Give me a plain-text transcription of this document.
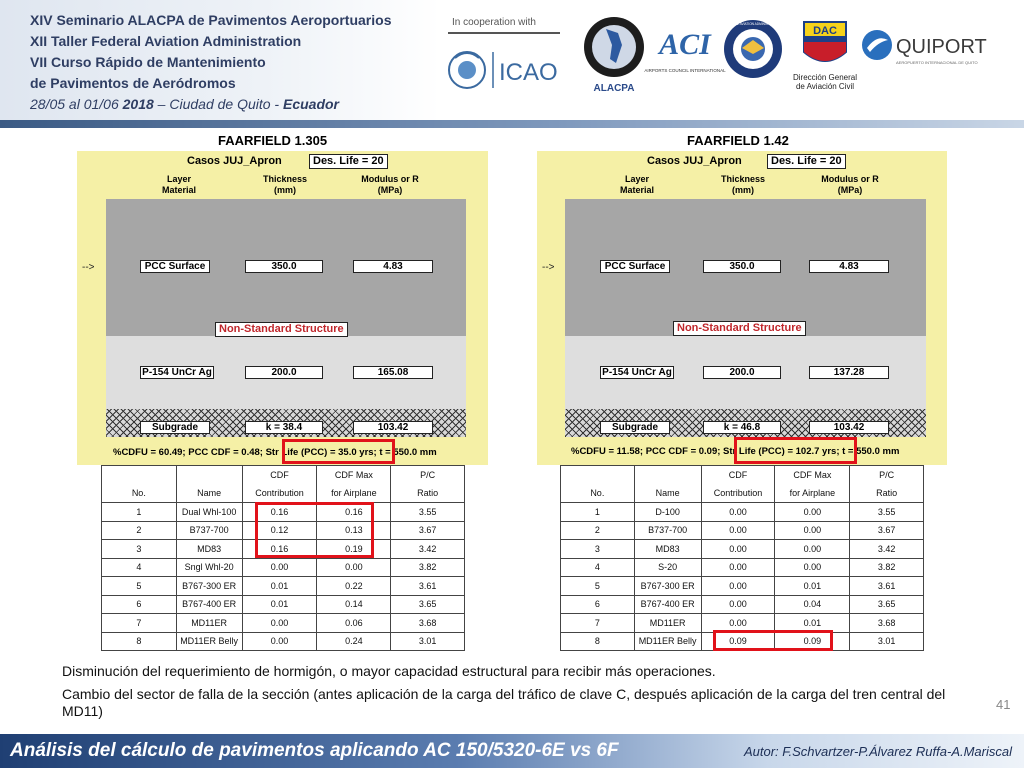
XIV Seminario ALACPA de Pavimentos Aeroportuarios
XII Taller Federal Aviation Administration
VII Curso Rápido de Mantenimiento
de Pavimentos de Aeródromos
28/05 al 01/06 2018 – Ciudad de Quito - Ecuador
In cooperation with
ICAO
ALACPA
ACI
AIRPORTS COUNCIL INTERNATIONAL
FEDERAL AVIATION ADMINISTRATION
DAC
Dirección General
de Aviación Civil
QUIPORT
AEROPUERTO INTERNACIONAL DE QUITO
FAARFIELD 1.305	FAARFIELD 1.42
Casos JUJ_Apron	Des. Life = 20
Layer
Material
Thickness
(mm)
Modulus or R
(MPa)
-->	PCC Surface	350.0	4.83
Non-Standard Structure
P-154 UnCr Ag	200.0	165.08
Subgrade	k = 38.4	103.42
%CDFU = 60.49; PCC CDF = 0.48; Str Life (PCC) = 35.0 yrs; t = 550.0 mm
Casos JUJ_Apron	Des. Life = 20
Layer
Material
Thickness
(mm)
Modulus or R
(MPa)
-->	PCC Surface	350.0	4.83
Non-Standard Structure
P-154 UnCr Ag	200.0	137.28
Subgrade	k = 46.8	103.42
%CDFU = 11.58; PCC CDF = 0.09; Str Life (PCC) = 102.7 yrs; t = 550.0 mm
		CDF	CDF Max	P/C
No.	Name	Contribution	for Airplane	Ratio
1	Dual Whl-100	0.16	0.16	3.55
2	B737-700	0.12	0.13	3.67
3	MD83	0.16	0.19	3.42
4	Sngl Whl-20	0.00	0.00	3.82
5	B767-300 ER	0.01	0.22	3.61
6	B767-400 ER	0.01	0.14	3.65
7	MD11ER	0.00	0.06	3.68
8	MD11ER Belly	0.00	0.24	3.01
		CDF	CDF Max	P/C
No.	Name	Contribution	for Airplane	Ratio
1	D-100	0.00	0.00	3.55
2	B737-700	0.00	0.00	3.67
3	MD83	0.00	0.00	3.42
4	S-20	0.00	0.00	3.82
5	B767-300 ER	0.00	0.01	3.61
6	B767-400 ER	0.00	0.04	3.65
7	MD11ER	0.00	0.01	3.68
8	MD11ER Belly	0.09	0.09	3.01
Disminución del requerimiento de hormigón, o mayor capacidad estructural para recibir más operaciones.
Cambio del sector de falla de la sección (antes aplicación de la carga del tráfico de clave C, después aplicación de la carga del tren central del MD11)	41
Análisis del cálculo de pavimentos aplicando AC 150/5320-6E vs 6F	Autor: F.Schvartzer-P.Álvarez Ruffa-A.Mariscal
